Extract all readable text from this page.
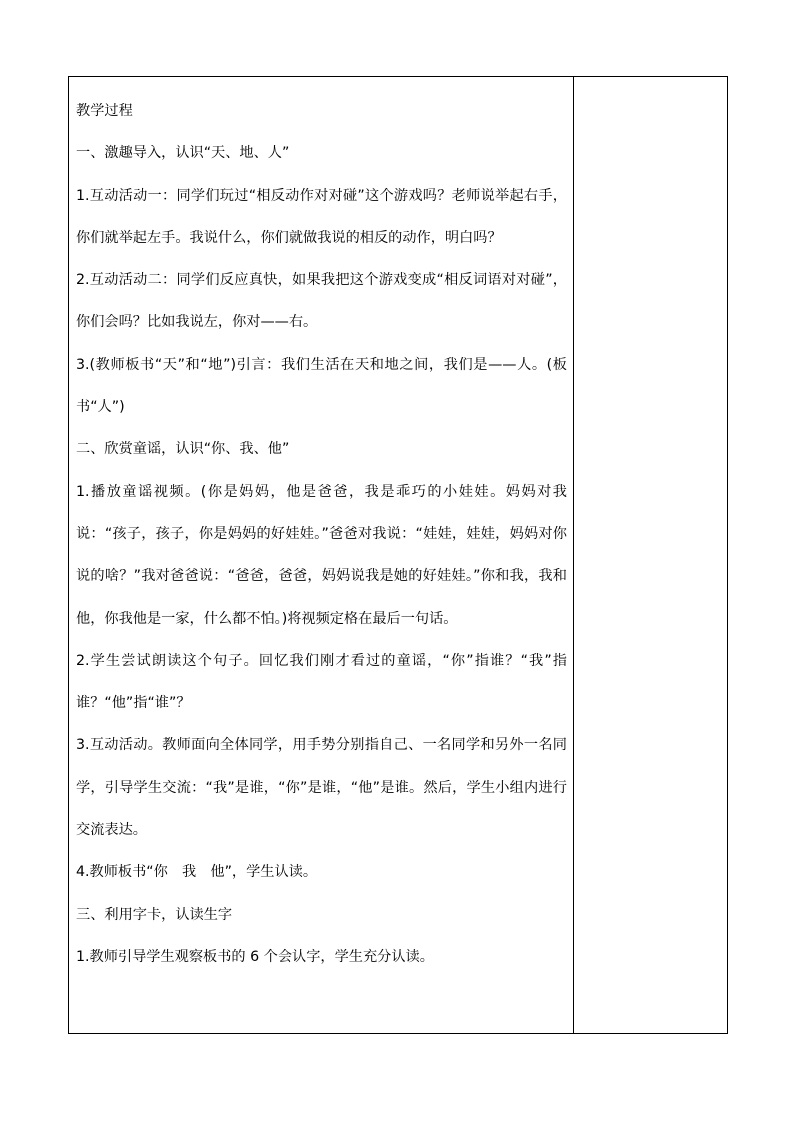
教学过程

一、激趣导入，认识“天、地、人”

1.互动活动一：同学们玩过“相反动作对对碰”这个游戏吗？老师说举起右手，你们就举起左手。我说什么，你们就做我说的相反的动作，明白吗？

2.互动活动二：同学们反应真快，如果我把这个游戏变成“相反词语对对碰”，你们会吗？比如我说左，你对——右。

3.(教师板书“天”和“地”)引言：我们生活在天和地之间，我们是——人。(板书“人”)

二、欣赏童谣，认识“你、我、他”

1.播放童谣视频。(你是妈妈，他是爸爸，我是乖巧的小娃娃。妈妈对我说：“孩子，孩子，你是妈妈的好娃娃。”爸爸对我说：“娃娃，娃娃，妈妈对你说的啥？”我对爸爸说：“爸爸，爸爸，妈妈说我是她的好娃娃。”你和我，我和他，你我他是一家，什么都不怕。)将视频定格在最后一句话。

2.学生尝试朗读这个句子。回忆我们刚才看过的童谣，“你”指谁？“我”指谁？“他”指“谁”？

3.互动活动。教师面向全体同学，用手势分别指自己、一名同学和另外一名同学，引导学生交流：“我”是谁，“你”是谁，“他”是谁。然后，学生小组内进行交流表达。

4.教师板书“你　我　他”，学生认读。

三、利用字卡，认读生字

1.教师引导学生观察板书的 6 个会认字，学生充分认读。
